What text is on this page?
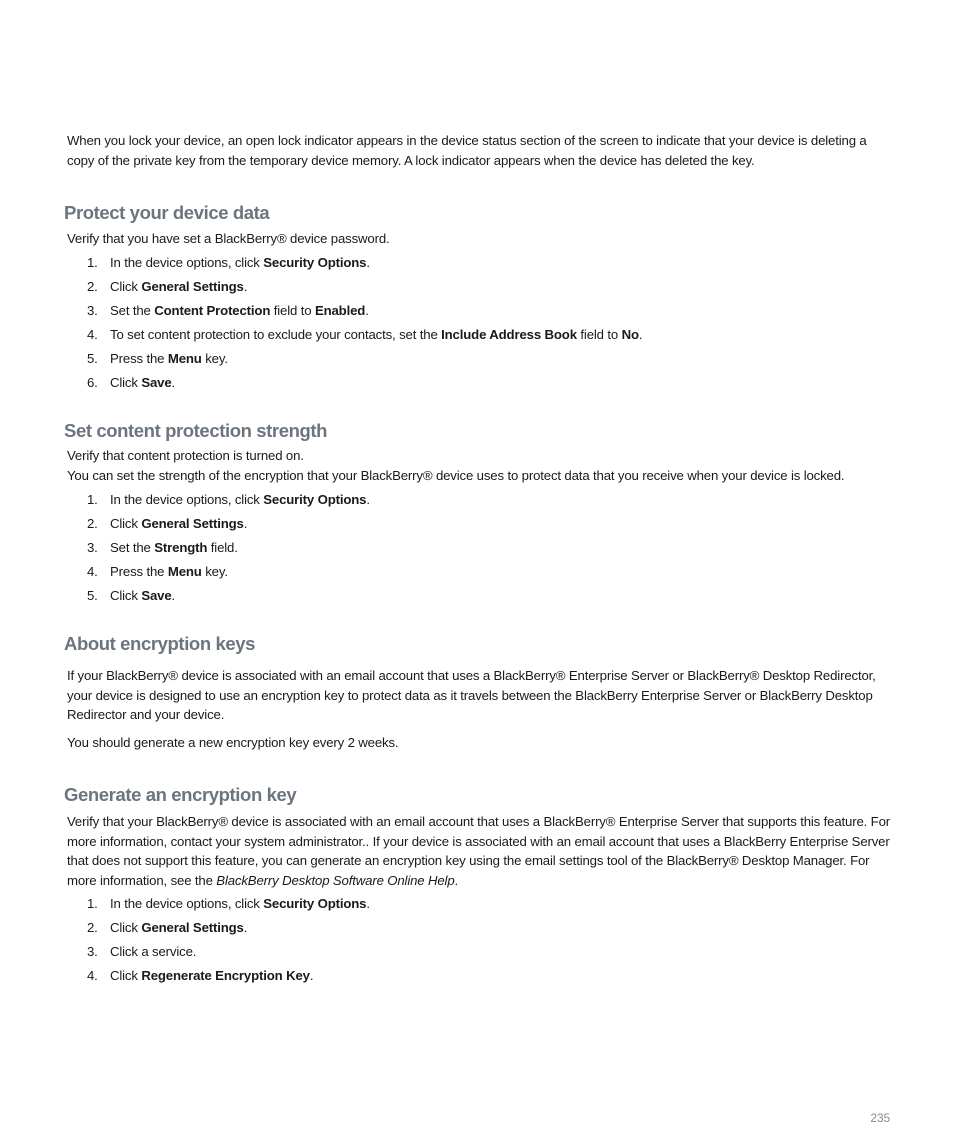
When you lock your device, an open lock indicator appears in the device status section of the screen to indicate that your device is deleting a copy of the private key from the temporary device memory. A lock indicator appears when the device has deleted the key.

Protect your device data

Verify that you have set a BlackBerry® device password.

1. In the device options, click Security Options.
2. Click General Settings.
3. Set the Content Protection field to Enabled.
4. To set content protection to exclude your contacts, set the Include Address Book field to No.
5. Press the Menu key.
6. Click Save.
Set content protection strength

Verify that content protection is turned on.

You can set the strength of the encryption that your BlackBerry® device uses to protect data that you receive when your device is locked.

1. In the device options, click Security Options.
2. Click General Settings.
3. Set the Strength field.
4. Press the Menu key.
5. Click Save.
About encryption keys

If your BlackBerry® device is associated with an email account that uses a BlackBerry® Enterprise Server or BlackBerry® Desktop Redirector, your device is designed to use an encryption key to protect data as it travels between the BlackBerry Enterprise Server or BlackBerry Desktop Redirector and your device.

You should generate a new encryption key every 2 weeks.

Generate an encryption key

Verify that your BlackBerry® device is associated with an email account that uses a BlackBerry® Enterprise Server that supports this feature. For more information, contact your system administrator.. If your device is associated with an email account that uses a BlackBerry Enterprise Server that does not support this feature, you can generate an encryption key using the email settings tool of the BlackBerry® Desktop Manager. For more information, see the BlackBerry Desktop Software Online Help.

1. In the device options, click Security Options.
2. Click General Settings.
3. Click a service.
4. Click Regenerate Encryption Key.
235
